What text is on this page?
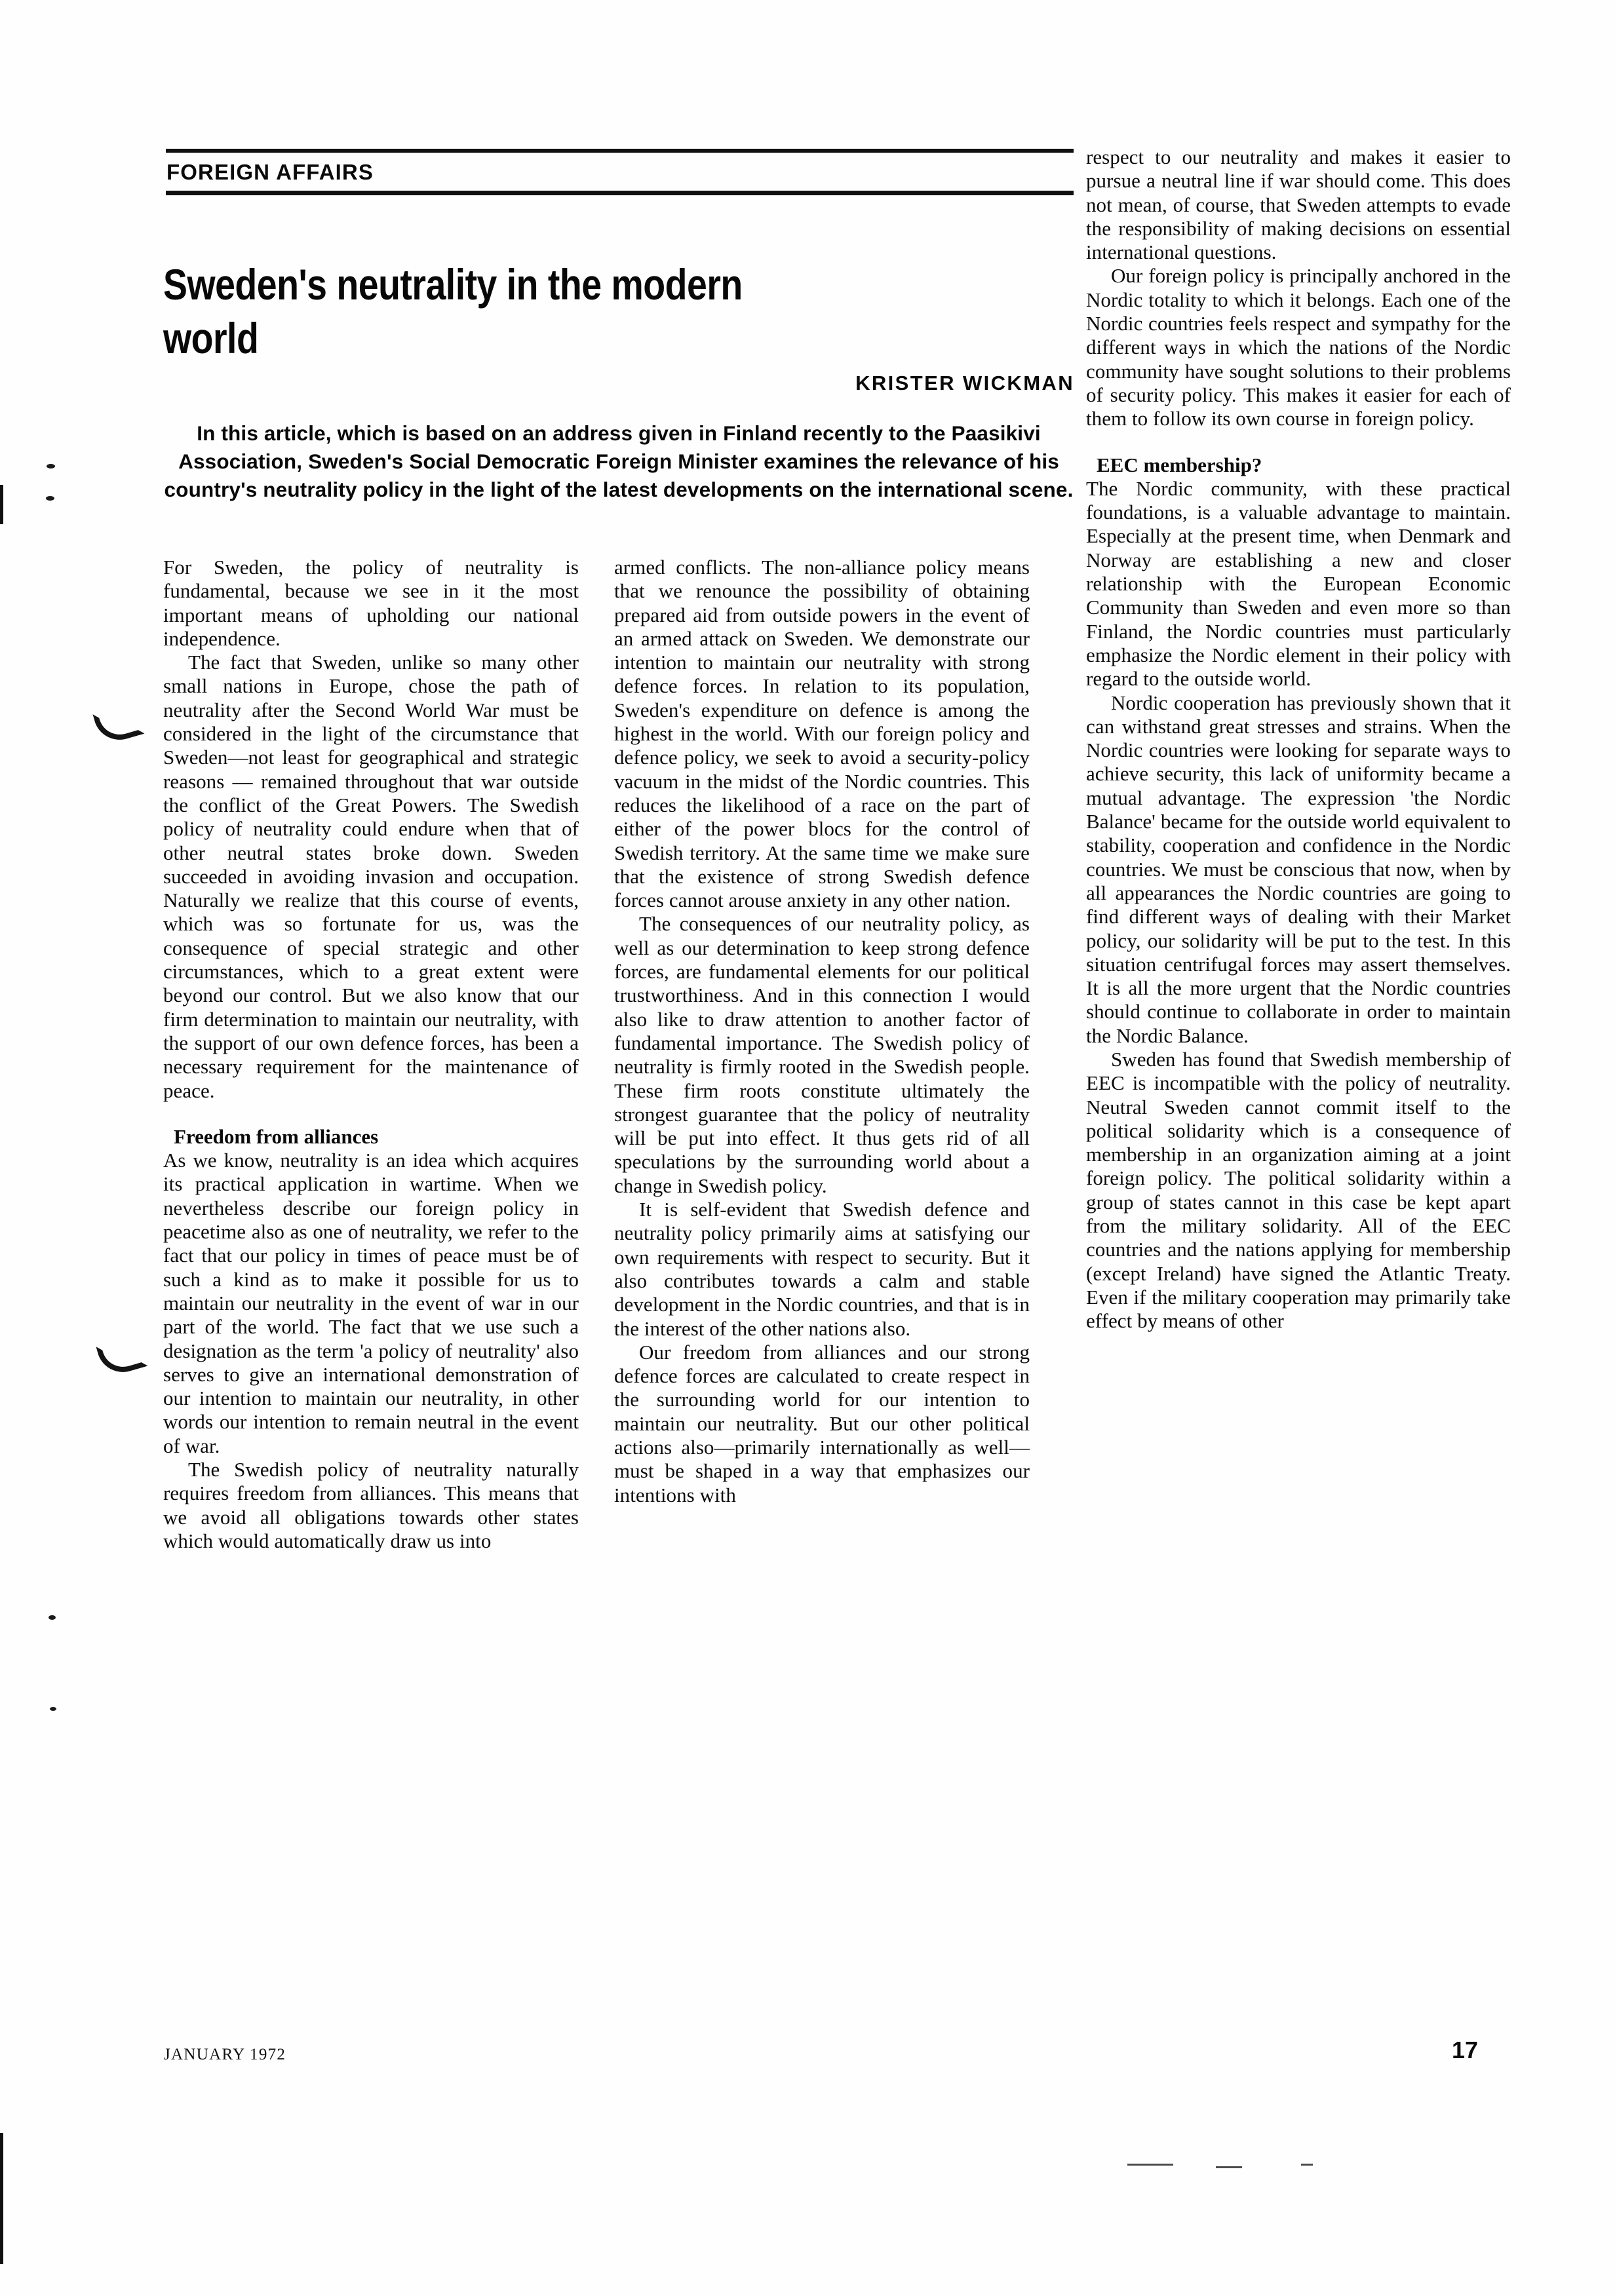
FOREIGN AFFAIRS
Sweden's neutrality in the modern world
KRISTER WICKMAN
In this article, which is based on an address given in Finland recently to the Paasikivi Association, Sweden's Social Democratic Foreign Minister examines the relevance of his country's neutrality policy in the light of the latest developments on the international scene.

For Sweden, the policy of neutrality is fundamental, because we see in it the most important means of upholding our national independence.

The fact that Sweden, unlike so many other small nations in Europe, chose the path of neutrality after the Second World War must be considered in the light of the circumstance that Sweden—not least for geographical and strategic reasons — remained throughout that war outside the conflict of the Great Powers. The Swedish policy of neutrality could endure when that of other neutral states broke down. Sweden succeeded in avoiding invasion and occupation. Naturally we realize that this course of events, which was so fortunate for us, was the consequence of special strategic and other circumstances, which to a great extent were beyond our control. But we also know that our firm determination to maintain our neutrality, with the support of our own defence forces, has been a necessary requirement for the maintenance of peace.

Freedom from alliances

As we know, neutrality is an idea which acquires its practical application in wartime. When we nevertheless describe our foreign policy in peacetime also as one of neutrality, we refer to the fact that our policy in times of peace must be of such a kind as to make it possible for us to maintain our neutrality in the event of war in our part of the world. The fact that we use such a designation as the term 'a policy of neutrality' also serves to give an international demonstration of our intention to maintain our neutrality, in other words our intention to remain neutral in the event of war.

The Swedish policy of neutrality naturally requires freedom from alliances. This means that we avoid all obligations towards other states which would automatically draw us into

armed conflicts. The non-alliance policy means that we renounce the possibility of obtaining prepared aid from outside powers in the event of an armed attack on Sweden. We demonstrate our intention to maintain our neutrality with strong defence forces. In relation to its population, Sweden's expenditure on defence is among the highest in the world. With our foreign policy and defence policy, we seek to avoid a security-policy vacuum in the midst of the Nordic countries. This reduces the likelihood of a race on the part of either of the power blocs for the control of Swedish territory. At the same time we make sure that the existence of strong Swedish defence forces cannot arouse anxiety in any other nation.

The consequences of our neutrality policy, as well as our determination to keep strong defence forces, are fundamental elements for our political trustworthiness. And in this connection I would also like to draw attention to another factor of fundamental importance. The Swedish policy of neutrality is firmly rooted in the Swedish people. These firm roots constitute ultimately the strongest guarantee that the policy of neutrality will be put into effect. It thus gets rid of all speculations by the surrounding world about a change in Swedish policy.

It is self-evident that Swedish defence and neutrality policy primarily aims at satisfying our own requirements with respect to security. But it also contributes towards a calm and stable development in the Nordic countries, and that is in the interest of the other nations also.

Our freedom from alliances and our strong defence forces are calculated to create respect in the surrounding world for our intention to maintain our neutrality. But our other political actions also—primarily internationally as well—must be shaped in a way that emphasizes our intentions with

respect to our neutrality and makes it easier to pursue a neutral line if war should come. This does not mean, of course, that Sweden attempts to evade the responsibility of making decisions on essential international questions.

Our foreign policy is principally anchored in the Nordic totality to which it belongs. Each one of the Nordic countries feels respect and sympathy for the different ways in which the nations of the Nordic community have sought solutions to their problems of security policy. This makes it easier for each of them to follow its own course in foreign policy.

EEC membership?

The Nordic community, with these practical foundations, is a valuable advantage to maintain. Especially at the present time, when Denmark and Norway are establishing a new and closer relationship with the European Economic Community than Sweden and even more so than Finland, the Nordic countries must particularly emphasize the Nordic element in their policy with regard to the outside world.

Nordic cooperation has previously shown that it can withstand great stresses and strains. When the Nordic countries were looking for separate ways to achieve security, this lack of uniformity became a mutual advantage. The expression 'the Nordic Balance' became for the outside world equivalent to stability, cooperation and confidence in the Nordic countries. We must be conscious that now, when by all appearances the Nordic countries are going to find different ways of dealing with their Market policy, our solidarity will be put to the test. In this situation centrifugal forces may assert themselves. It is all the more urgent that the Nordic countries should continue to collaborate in order to maintain the Nordic Balance.

Sweden has found that Swedish membership of EEC is incompatible with the policy of neutrality. Neutral Sweden cannot commit itself to the political solidarity which is a consequence of membership in an organization aiming at a joint foreign policy. The political solidarity within a group of states cannot in this case be kept apart from the military solidarity. All of the EEC countries and the nations applying for membership (except Ireland) have signed the Atlantic Treaty. Even if the military cooperation may primarily take effect by means of other

JANUARY 1972	17
